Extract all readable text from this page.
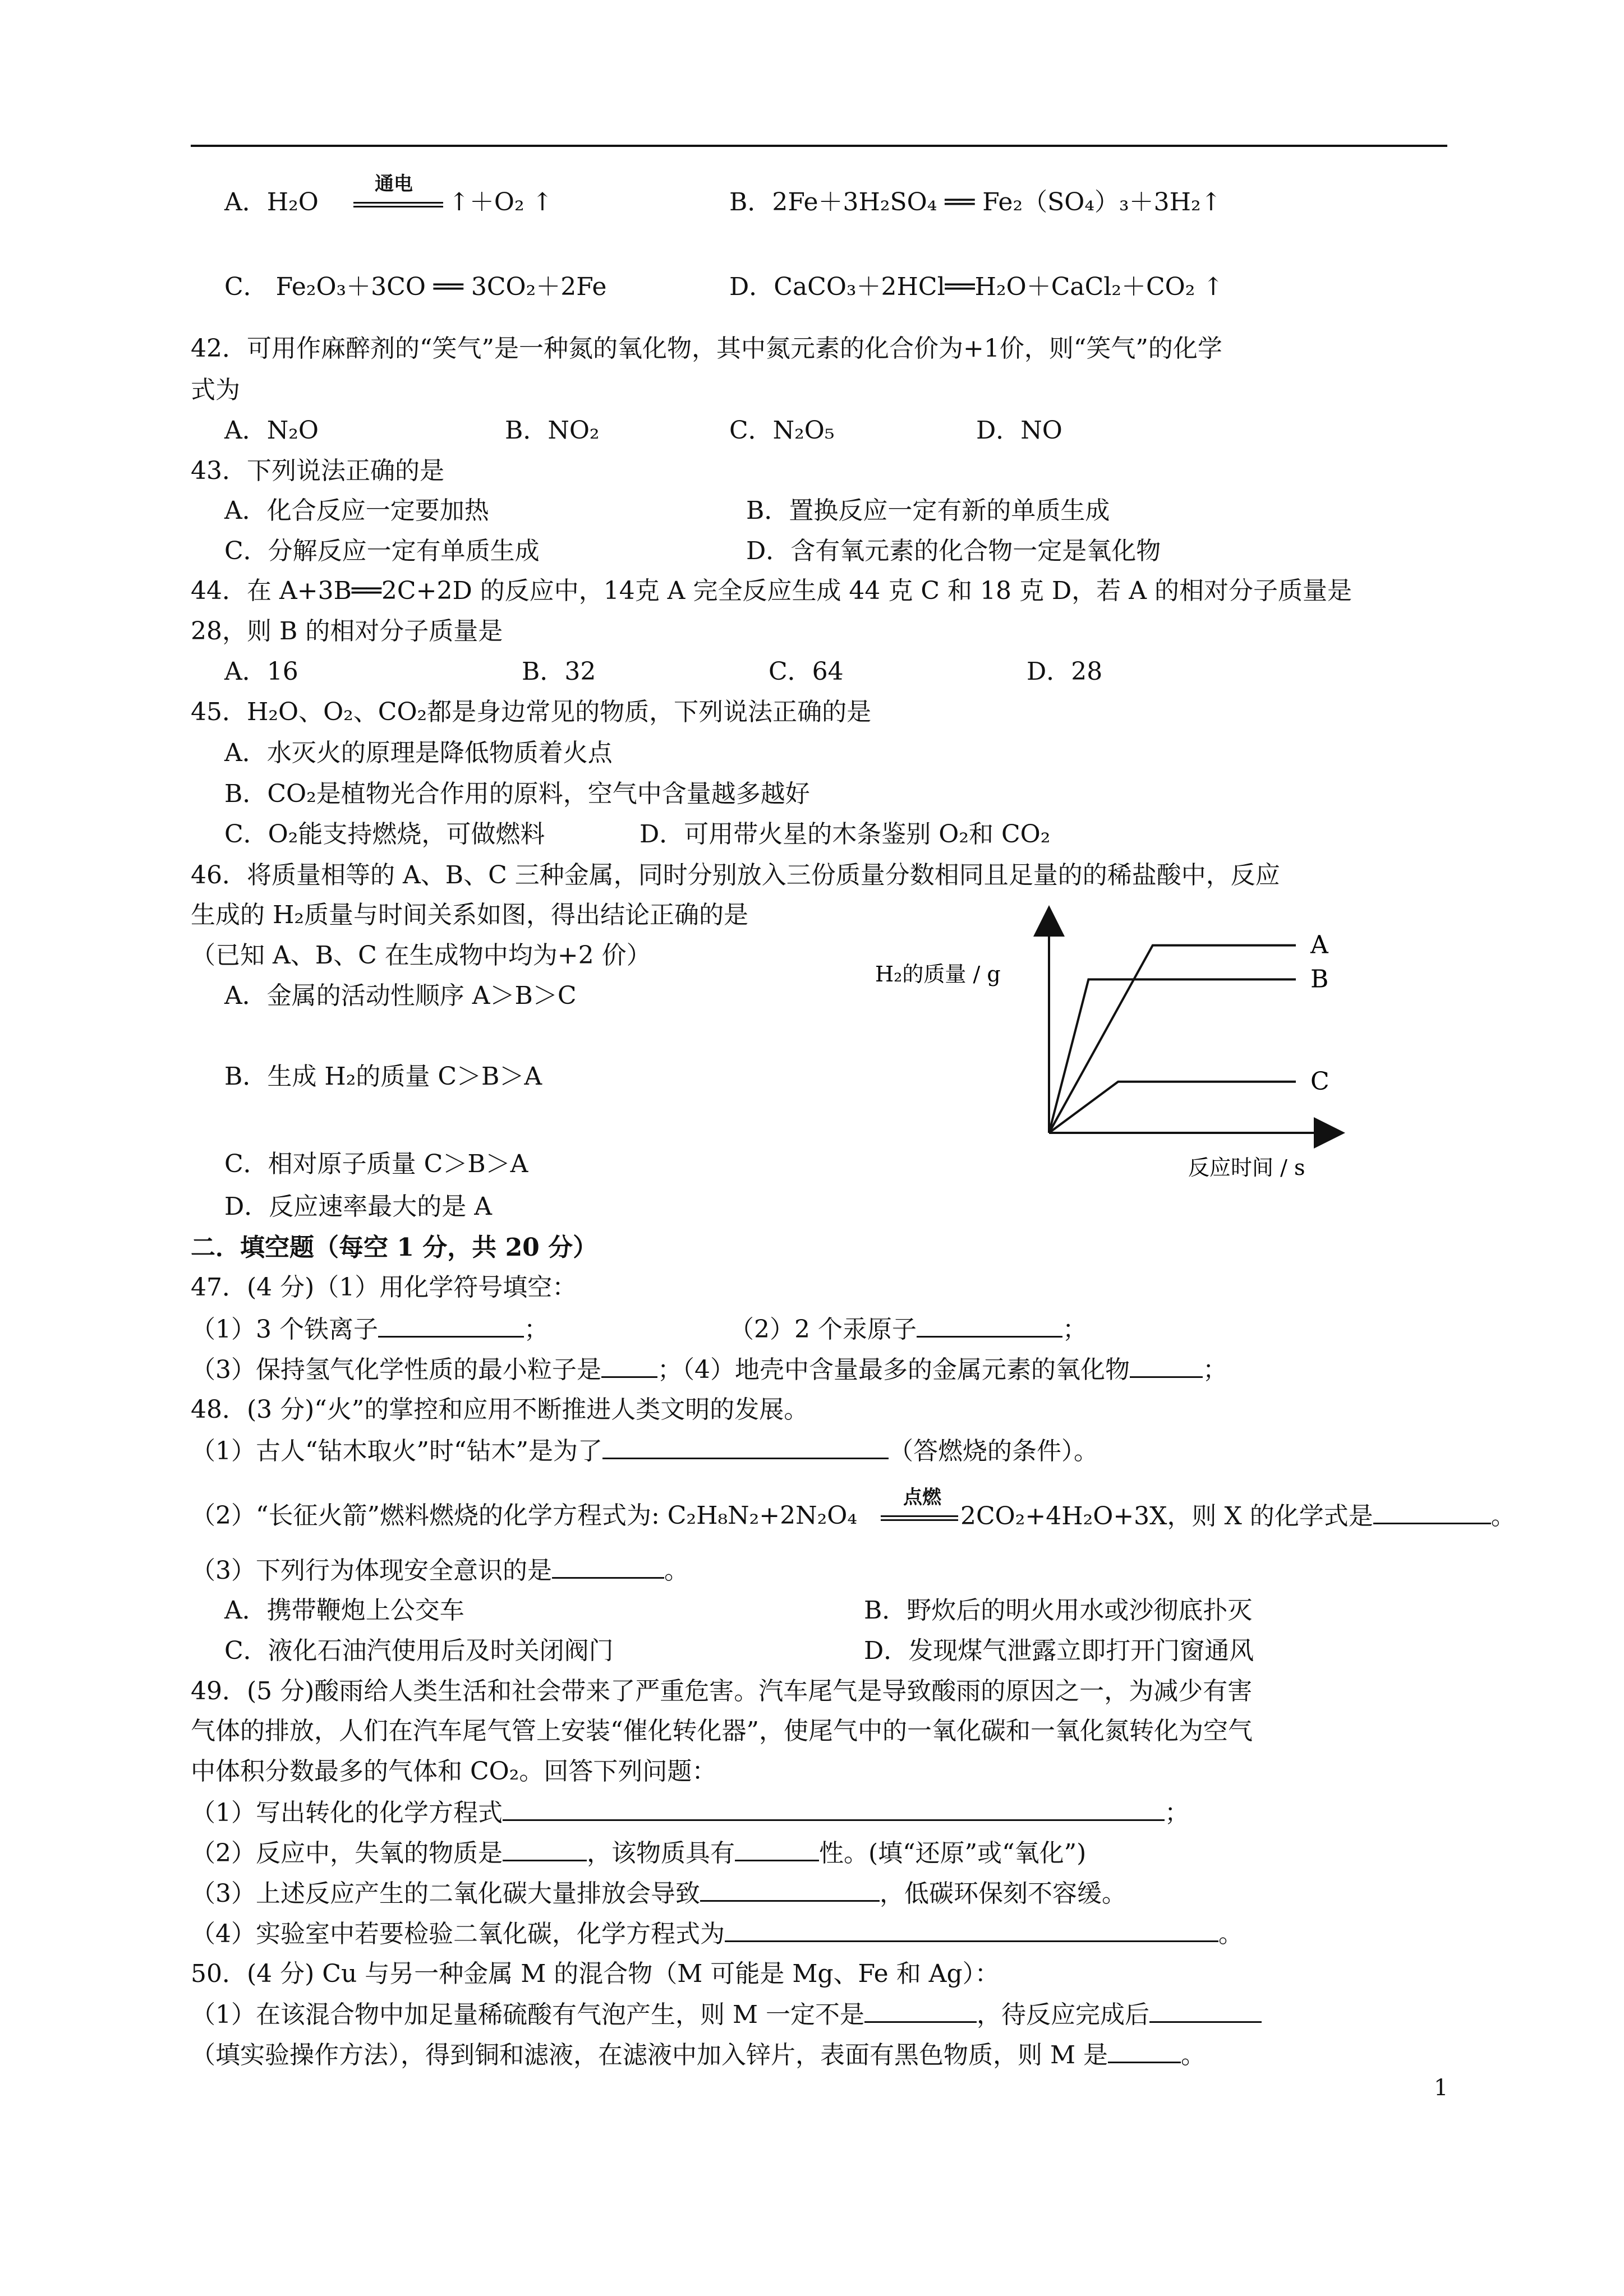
A．H₂O
通电
↑＋O₂ ↑	B．2Fe＋3H₂SO₄ ══ Fe₂（SO₄）₃＋3H₂↑
C． Fe₂O₃＋3CO ══ 3CO₂＋2Fe	D．CaCO₃＋2HCl══H₂O＋CaCl₂＋CO₂ ↑
42．可用作麻醉剂的“笑气”是一种氮的氧化物，其中氮元素的化合价为+1价，则“笑气”的化学
式为
A．N₂O	B．NO₂	C．N₂O₅	D．NO
43．下列说法正确的是
A．化合反应一定要加热	B．置换反应一定有新的单质生成
C．分解反应一定有单质生成	D．含有氧元素的化合物一定是氧化物
44．在 A+3B══2C+2D 的反应中，14克 A 完全反应生成 44 克 C 和 18 克 D，若 A 的相对分子质量是
28，则 B 的相对分子质量是
A．16	B．32	C．64	D．28
45．H₂O、O₂、CO₂都是身边常见的物质，下列说法正确的是
A．水灭火的原理是降低物质着火点
B．CO₂是植物光合作用的原料，空气中含量越多越好
C．O₂能支持燃烧，可做燃料	D．可用带火星的木条鉴别 O₂和 CO₂
46．将质量相等的 A、B、C 三种金属，同时分别放入三份质量分数相同且足量的的稀盐酸中，反应
生成的 H₂质量与时间关系如图，得出结论正确的是
（已知 A、B、C 在生成物中均为+2 价）
A．金属的活动性顺序 A＞B＞C
B．生成 H₂的质量 C＞B＞A
C．相对原子质量 C＞B＞A
D．反应速率最大的是 A
H₂的质量 / g
反应时间 / s
A
B
C
二．填空题（每空 1 分，共 20 分）
47．(4 分)（1）用化学符号填空：
（1）3 个铁离子	；	（2）2 个汞原子	；
（3）保持氢气化学性质的最小粒子是 ；（4）地壳中含量最多的金属元素的氧化物	；
48．(3 分)“火”的掌控和应用不断推进人类文明的发展。
（1）古人“钻木取火”时“钻木”是为了	（答燃烧的条件）。
点燃
（2）“长征火箭”燃料燃烧的化学方程式为: C₂H₈N₂+2N₂O₄	2CO₂+4H₂O+3X，则 X 的化学式是	。
（3）下列行为体现安全意识的是	。
A．携带鞭炮上公交车	B．野炊后的明火用水或沙彻底扑灭
C．液化石油汽使用后及时关闭阀门	D．发现煤气泄露立即打开门窗通风
49．(5 分)酸雨给人类生活和社会带来了严重危害。汽车尾气是导致酸雨的原因之一，为减少有害
气体的排放，人们在汽车尾气管上安装“催化转化器”，使尾气中的一氧化碳和一氧化氮转化为空气
中体积分数最多的气体和 CO₂。回答下列问题：
（1）写出转化的化学方程式	；
（2）反应中，失氧的物质是	，该物质具有	性。(填“还原”或“氧化”)
（3）上述反应产生的二氧化碳大量排放会导致	，低碳环保刻不容缓。
（4）实验室中若要检验二氧化碳，化学方程式为	。
50．(4 分) Cu 与另一种金属 M 的混合物（M 可能是 Mg、Fe 和 Ag）：
（1）在该混合物中加足量稀硫酸有气泡产生，则 M 一定不是	，待反应完成后
（填实验操作方法），得到铜和滤液，在滤液中加入锌片，表面有黑色物质，则 M 是	。
1
